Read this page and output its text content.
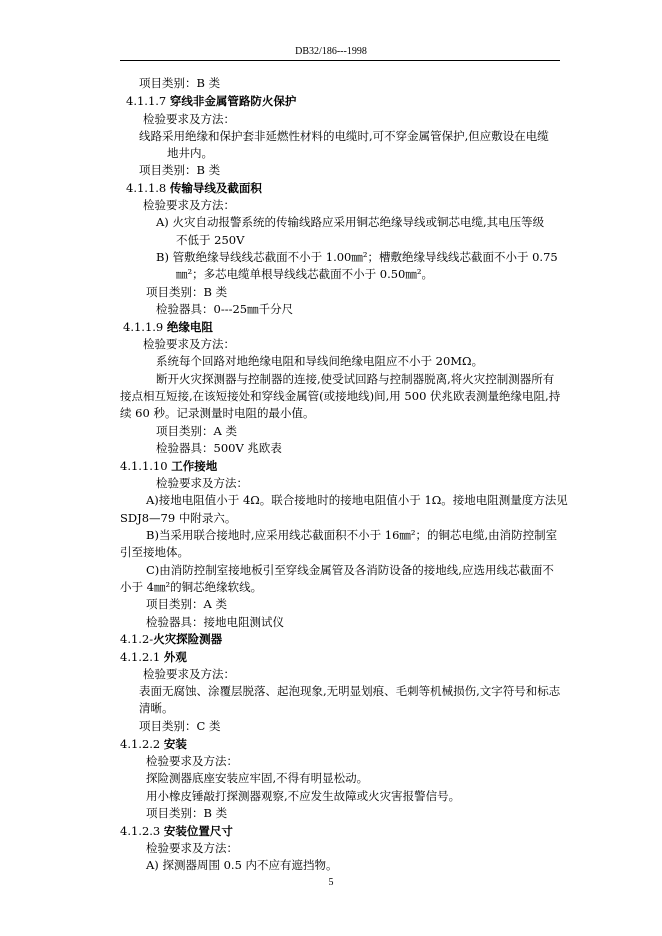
DB32/186---1998
项目类别：B 类
4.1.1.7 穿线非金属管路防火保护
检验要求及方法：
线路采用绝缘和保护套非延燃性材料的电缆时,可不穿金属管保护,但应敷设在电缆
地井内。
项目类别：B 类
4.1.1.8 传输导线及截面积
检验要求及方法：
A) 火灾自动报警系统的传输线路应采用铜芯绝缘导线或铜芯电缆,其电压等级
不低于 250V
B) 管敷绝缘导线线芯截面不小于 1.00㎜²；槽敷绝缘导线线芯截面不小于 0.75
㎜²；多芯电缆单根导线线芯截面不小于 0.50㎜²。
项目类别：B 类
检验器具：0---25㎜千分尺
4.1.1.9 绝缘电阻
检验要求及方法：
系统每个回路对地绝缘电阻和导线间绝缘电阻应不小于 20MΩ。
断开火灾探测器与控制器的连接,使受试回路与控制器脱离,将火灾控制测器所有
接点相互短接,在该短接处和穿线金属管(或接地线)间,用 500 伏兆欧表测量绝缘电阻,持
续 60 秒。记录测量时电阻的最小值。
项目类别：A 类
检验器具：500V 兆欧表
4.1.1.10 工作接地
检验要求及方法：
A)接地电阻值小于 4Ω。联合接地时的接地电阻值小于 1Ω。接地电阻测量度方法见
SDJ8—79 中附录六。
B)当采用联合接地时,应采用线芯截面积不小于 16㎜²；的铜芯电缆,由消防控制室
引至接地体。
C)由消防控制室接地板引至穿线金属管及各消防设备的接地线,应选用线芯截面不
小于 4㎜²的铜芯绝缘软线。
项目类别：A 类
检验器具：接地电阻测试仪
4.1.2-火灾探险测器
4.1.2.1 外观
检验要求及方法：
表面无腐蚀、涂覆层脱落、起泡现象,无明显划痕、毛刺等机械损伤,文字符号和标志
清晰。
项目类别：C 类
4.1.2.2 安装
检验要求及方法：
探险测器底座安装应牢固,不得有明显松动。
用小橡皮锤敲打探测器观察,不应发生故障或火灾害报警信号。
项目类别：B 类
4.1.2.3 安装位置尺寸
检验要求及方法：
A) 探测器周围 0.5 内不应有遮挡物。
5
